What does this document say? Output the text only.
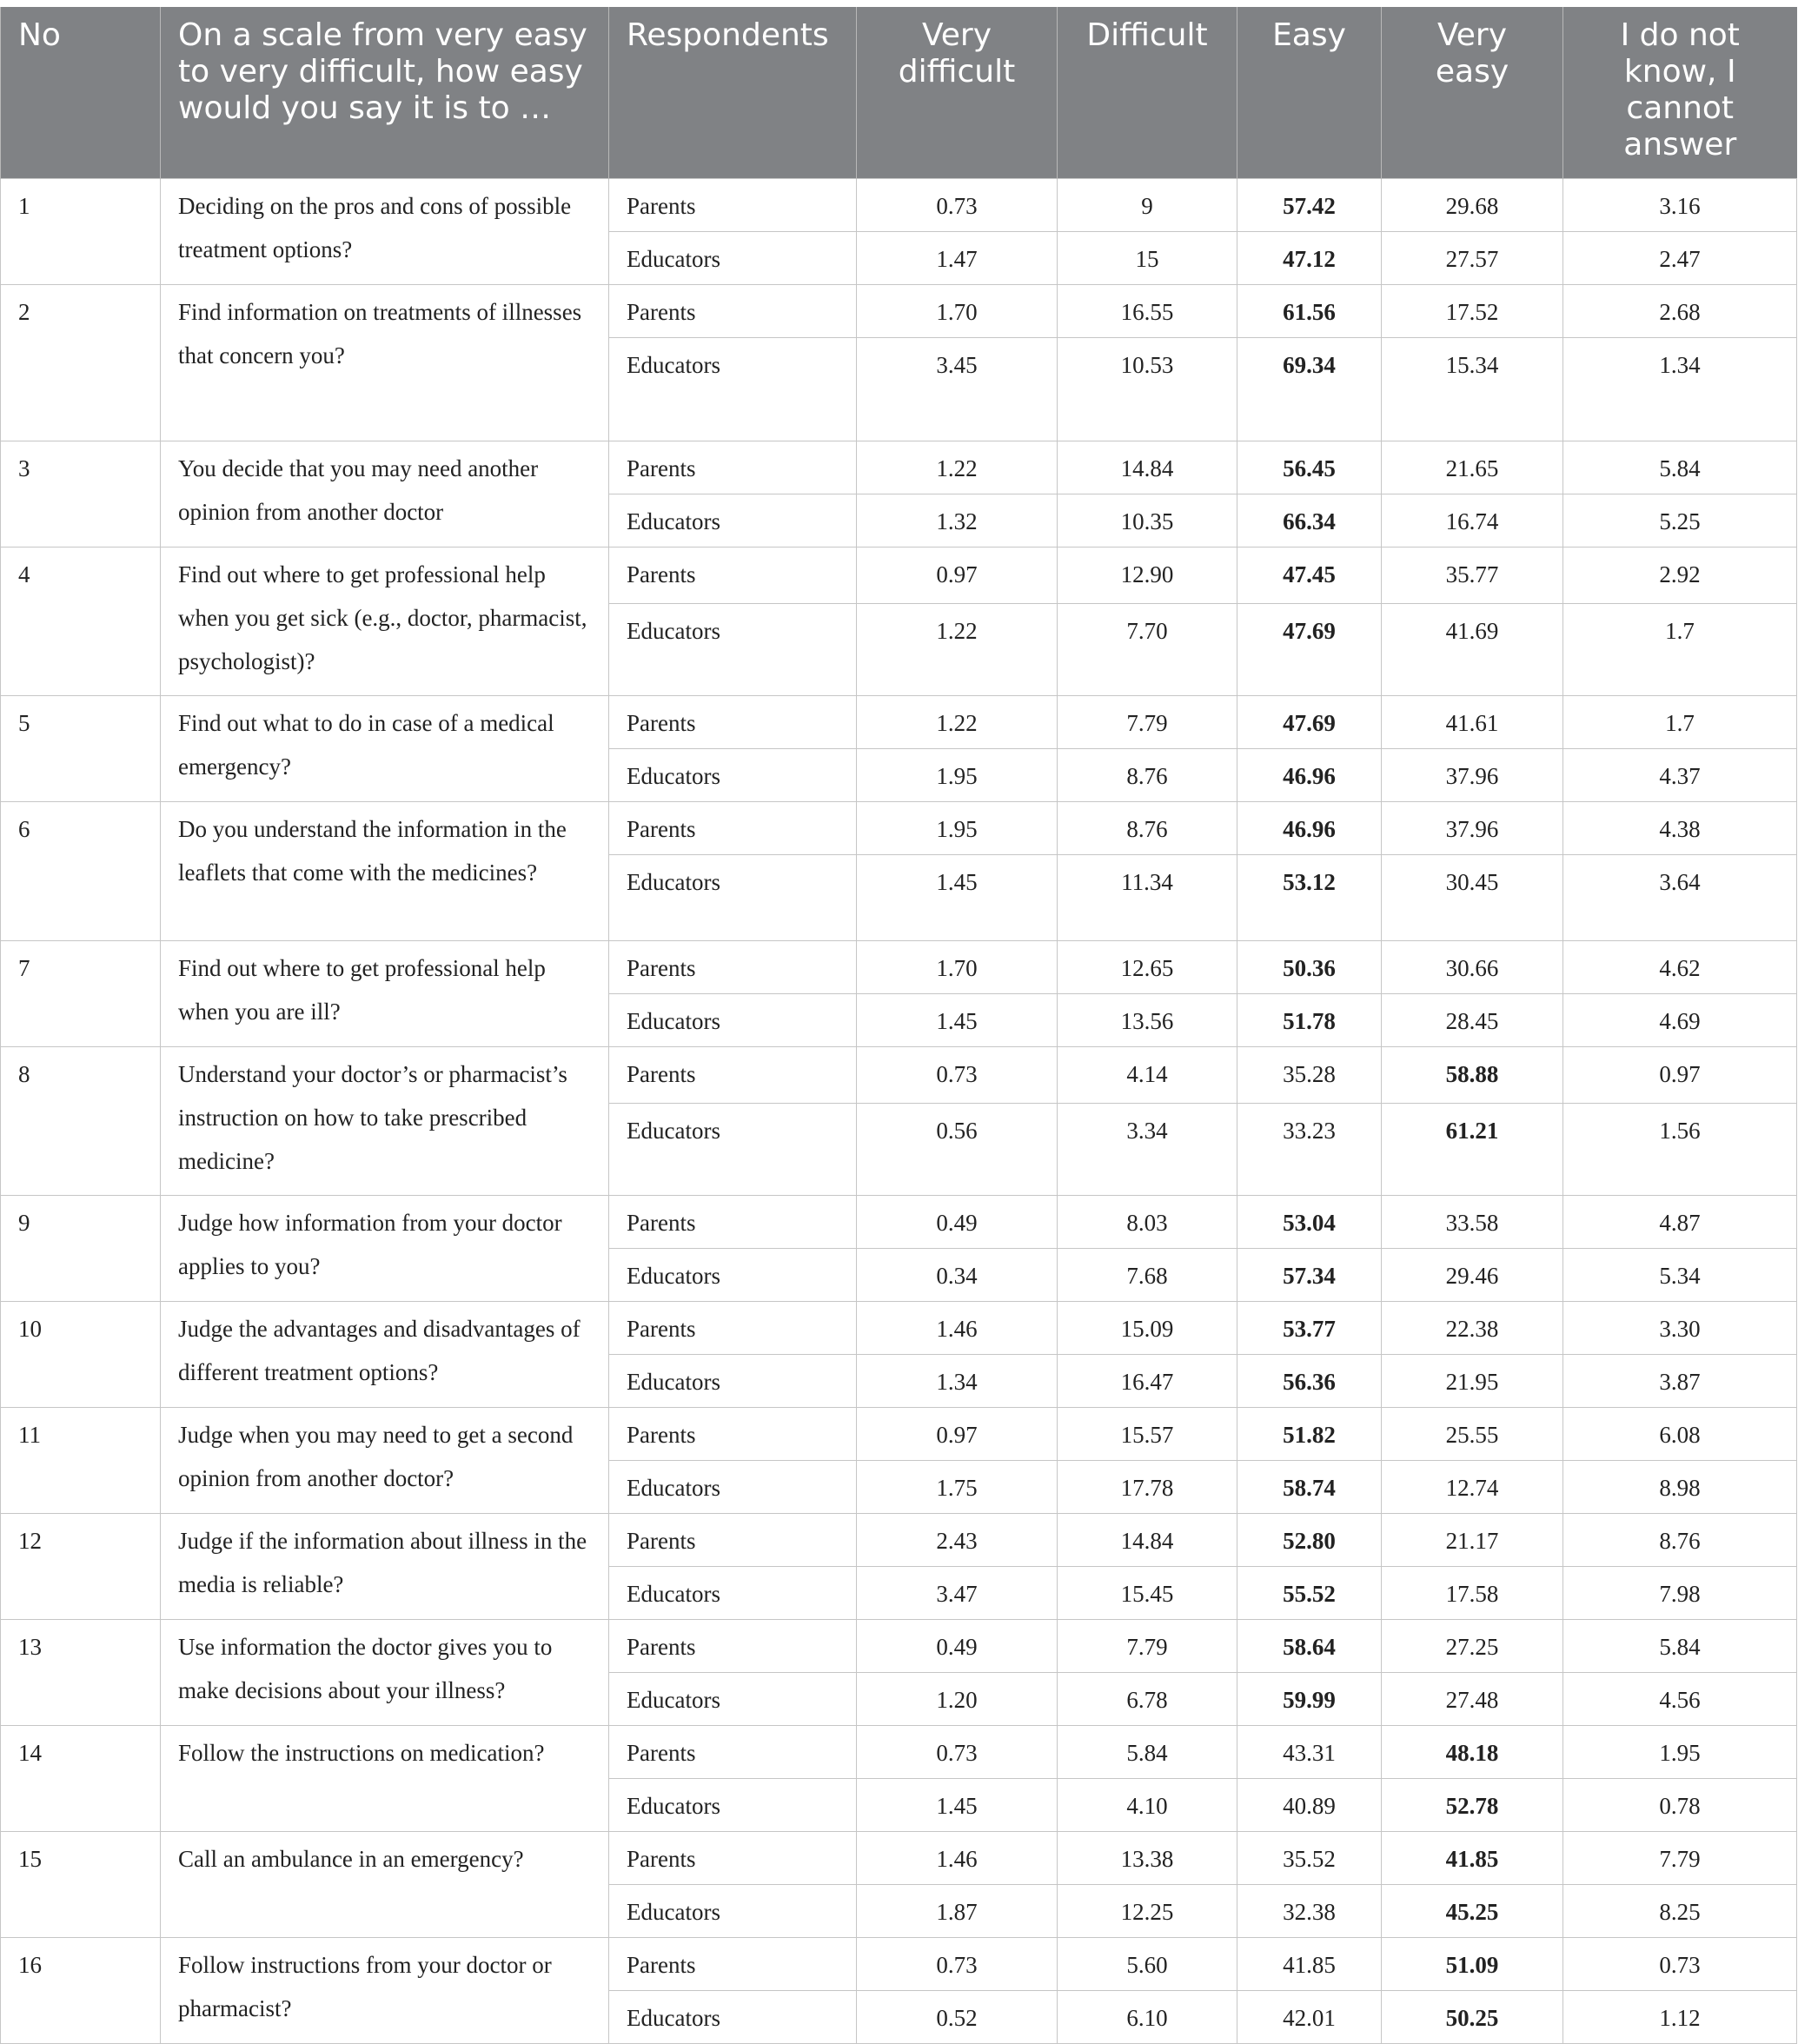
No	On a scale from very easy to very difficult, how easy would you say it is to …	Respondents	Very difficult	Difficult	Easy	Very easy	I do not know, I cannot answer
1	Deciding on the pros and cons of possible treatment options?	Parents	0.73	9	57.42	29.68	3.16
		Educators	1.47	15	47.12	27.57	2.47
2	Find information on treatments of illnesses that concern you?	Parents	1.70	16.55	61.56	17.52	2.68
		Educators	3.45	10.53	69.34	15.34	1.34
3	You decide that you may need another opinion from another doctor	Parents	1.22	14.84	56.45	21.65	5.84
		Educators	1.32	10.35	66.34	16.74	5.25
4	Find out where to get professional help when you get sick (e.g., doctor, pharmacist, psychologist)?	Parents	0.97	12.90	47.45	35.77	2.92
		Educators	1.22	7.70	47.69	41.69	1.7
5	Find out what to do in case of a medical emergency?	Parents	1.22	7.79	47.69	41.61	1.7
		Educators	1.95	8.76	46.96	37.96	4.37
6	Do you understand the information in the leaflets that come with the medicines?	Parents	1.95	8.76	46.96	37.96	4.38
		Educators	1.45	11.34	53.12	30.45	3.64
7	Find out where to get professional help when you are ill?	Parents	1.70	12.65	50.36	30.66	4.62
		Educators	1.45	13.56	51.78	28.45	4.69
8	Understand your doctor’s or pharmacist’s instruction on how to take prescribed medicine?	Parents	0.73	4.14	35.28	58.88	0.97
		Educators	0.56	3.34	33.23	61.21	1.56
9	Judge how information from your doctor applies to you?	Parents	0.49	8.03	53.04	33.58	4.87
		Educators	0.34	7.68	57.34	29.46	5.34
10	Judge the advantages and disadvantages of different treatment options?	Parents	1.46	15.09	53.77	22.38	3.30
		Educators	1.34	16.47	56.36	21.95	3.87
11	Judge when you may need to get a second opinion from another doctor?	Parents	0.97	15.57	51.82	25.55	6.08
		Educators	1.75	17.78	58.74	12.74	8.98
12	Judge if the information about illness in the media is reliable?	Parents	2.43	14.84	52.80	21.17	8.76
		Educators	3.47	15.45	55.52	17.58	7.98
13	Use information the doctor gives you to make decisions about your illness?	Parents	0.49	7.79	58.64	27.25	5.84
		Educators	1.20	6.78	59.99	27.48	4.56
14	Follow the instructions on medication?	Parents	0.73	5.84	43.31	48.18	1.95
		Educators	1.45	4.10	40.89	52.78	0.78
15	Call an ambulance in an emergency?	Parents	1.46	13.38	35.52	41.85	7.79
		Educators	1.87	12.25	32.38	45.25	8.25
16	Follow instructions from your doctor or pharmacist?	Parents	0.73	5.60	41.85	51.09	0.73
		Educators	0.52	6.10	42.01	50.25	1.12
